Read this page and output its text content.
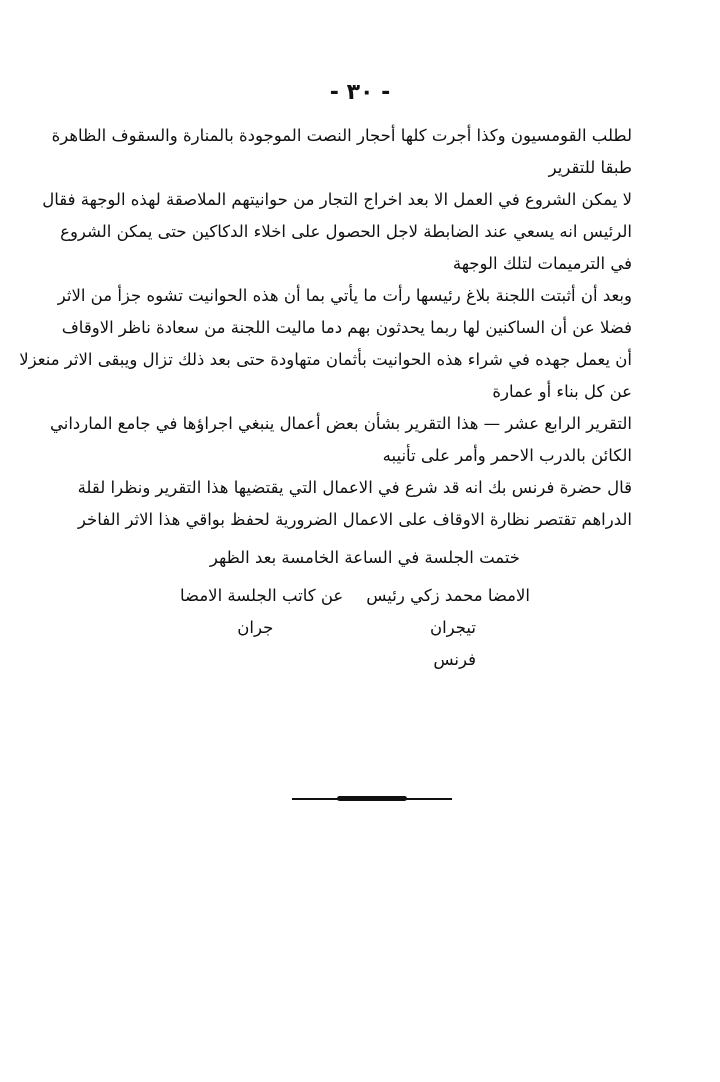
- ٣٠ -
لطلب القومسيون وكذا أجرت كلها أحجار النصت الموجودة بالمنارة والسقوف الظاهرة
طبقا للتقرير
لا يمكن الشروع في العمل الا بعد اخراج التجار من حوانيتهم الملاصقة لهذه الوجهة فقال
الرئيس انه يسعي عند الضابطة لاجل الحصول على اخلاء الدكاكين حتى يمكن الشروع
في الترميمات لتلك الوجهة
وبعد أن أثبتت اللجنة بلاغ رئيسها رأت ما يأتي بما أن هذه الحوانيت تشوه جزأ من الاثر
فضلا عن أن الساكنين لها ربما يحدثون بهم دما ماليت اللجنة من سعادة ناظر الاوقاف
أن يعمل جهده في شراء هذه الحوانيت بأثمان متهاودة حتى بعد ذلك تزال ويبقى الاثر منعزلا
عن كل بناء أو عمارة
التقرير الرابع عشر — هذا التقرير بشأن بعض أعمال ينبغي اجراؤها في جامع المارداني
الكائن بالدرب الاحمر وأمر على تأنيبه
قال حضرة فرنس بك انه قد شرع في الاعمال التي يقتضيها هذا التقرير ونظرا لقلة
الدراهم تقتصر نظارة الاوقاف على الاعمال الضرورية لحفظ بواقي هذا الاثر الفاخر
ختمت الجلسة في الساعة الخامسة بعد الظهر
الامضا محمد زكي رئيس
تيجران
فرنس
عن كاتب الجلسة الامضا
جران
